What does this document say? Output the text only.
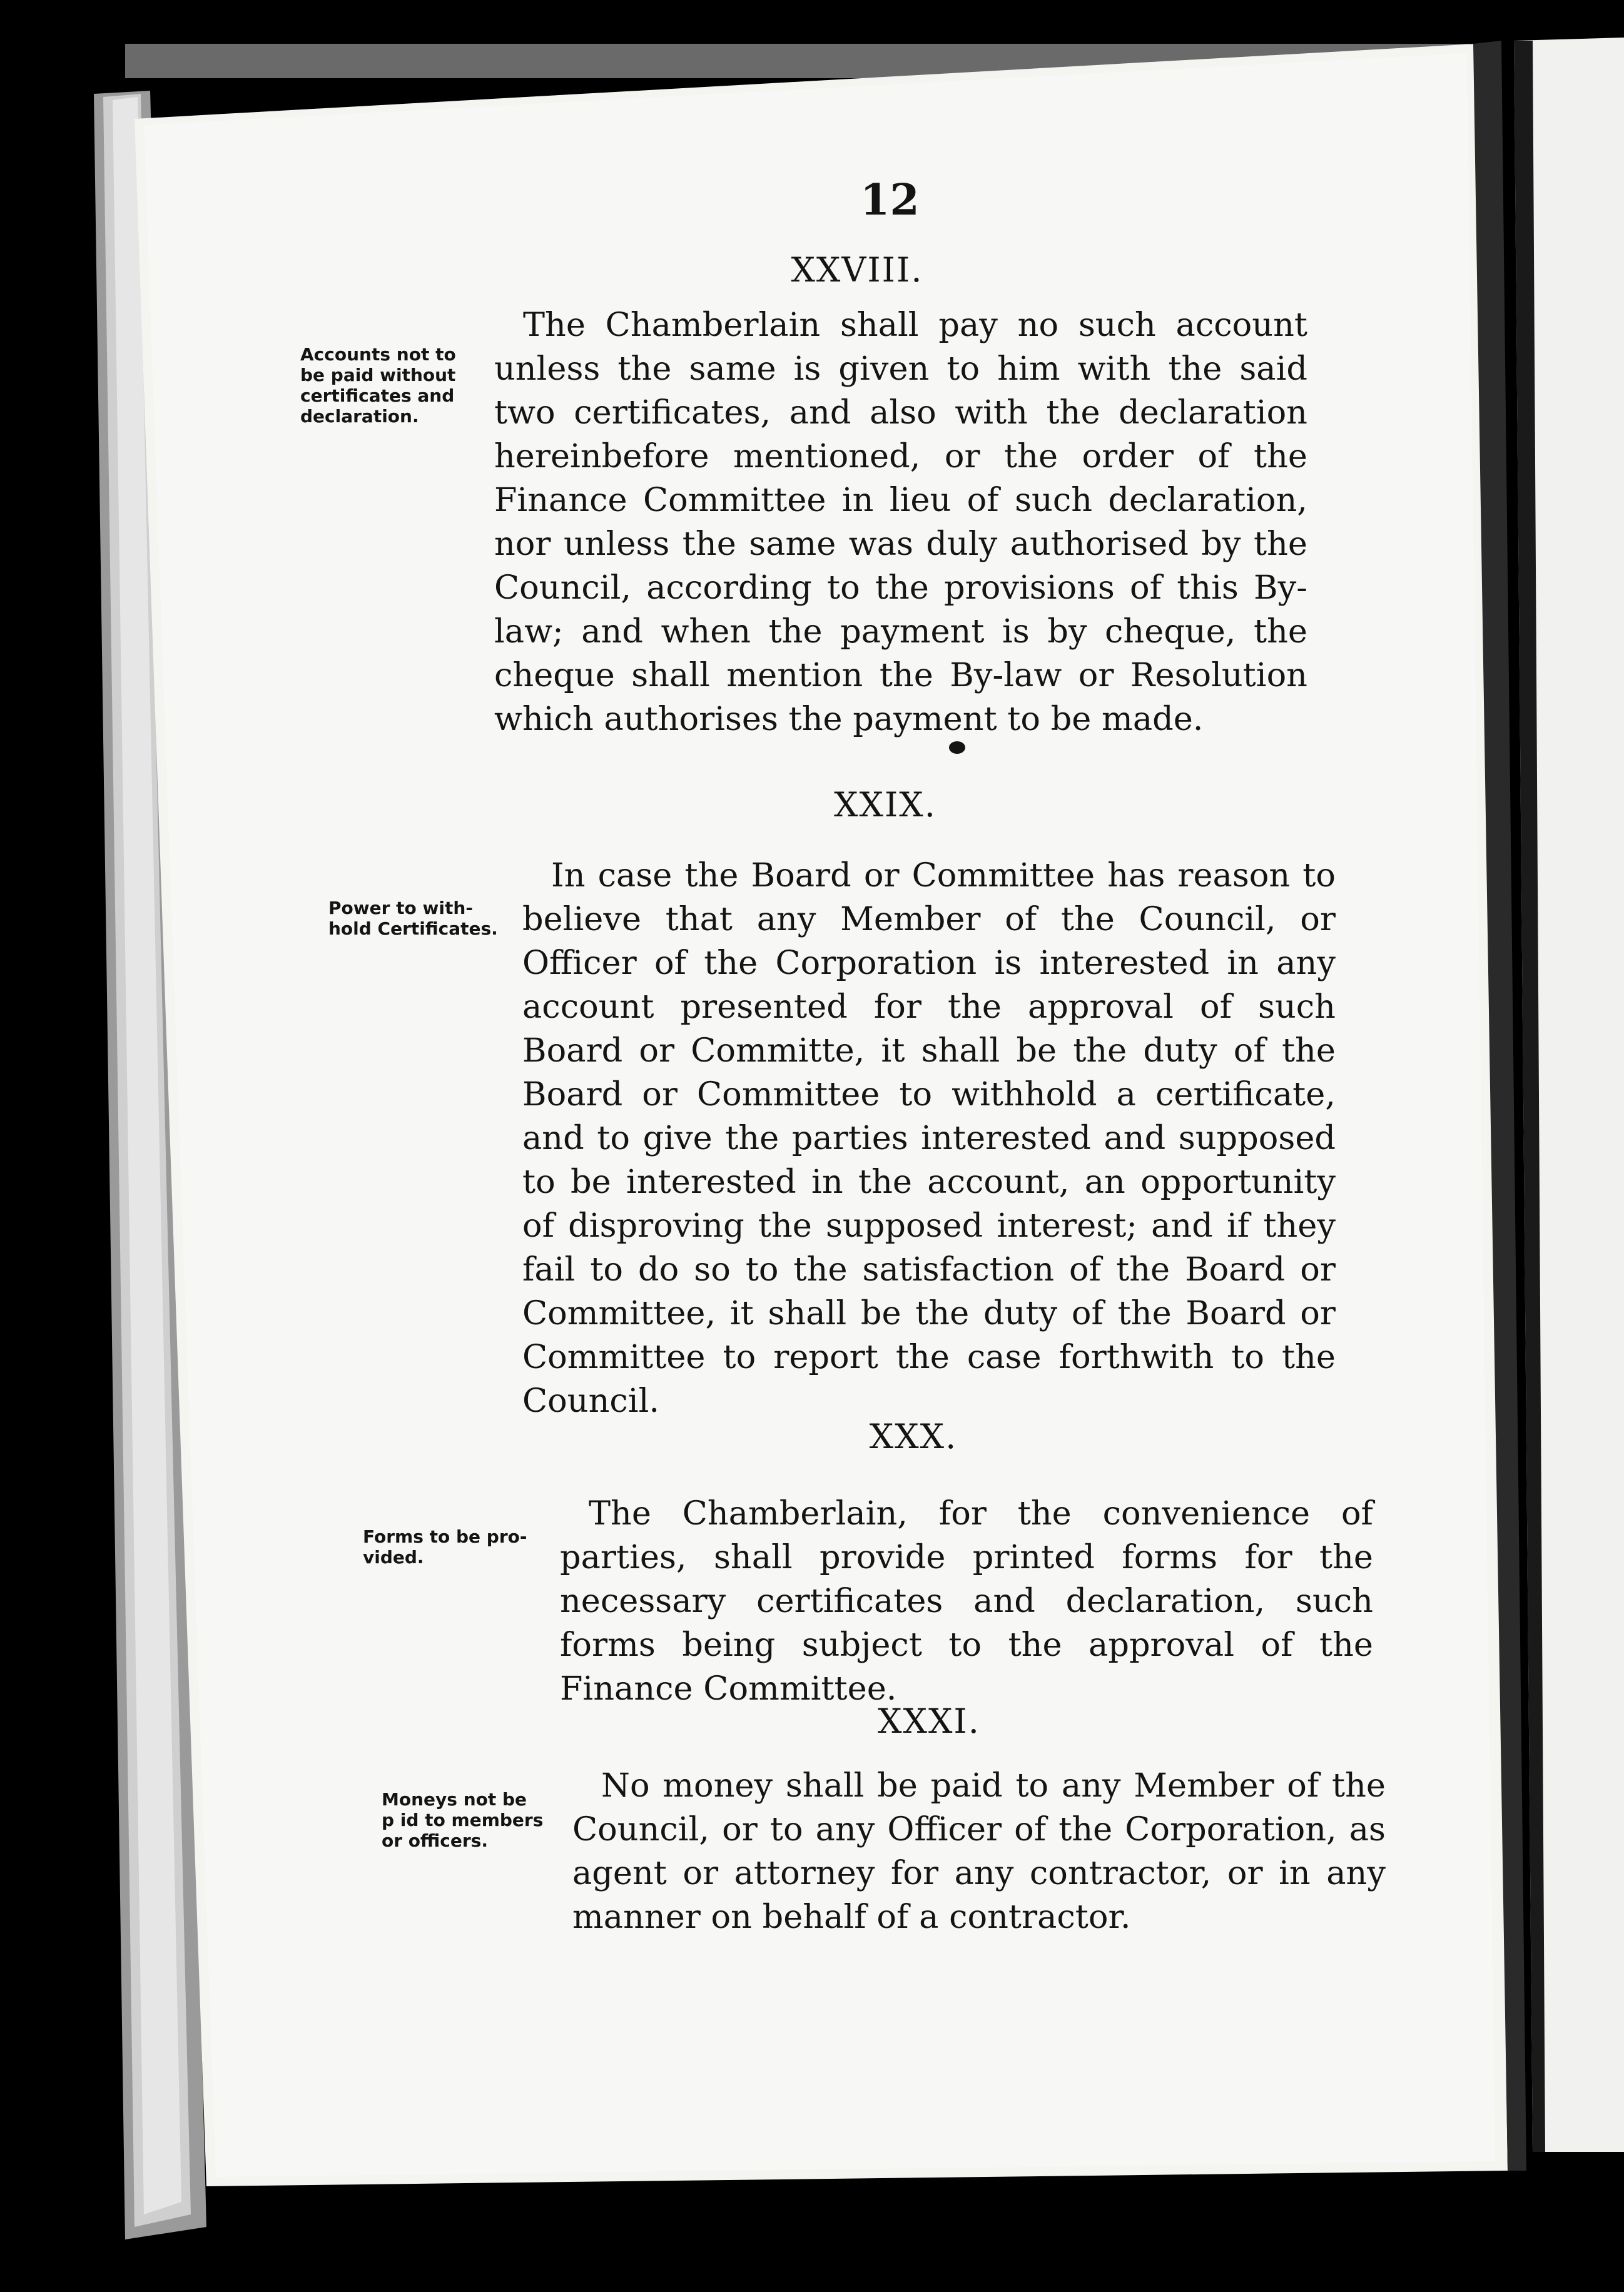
12
XXVIII.
Accounts not to
be paid without
certificates and
declaration.

The Chamberlain shall pay no such account unless the same is given to him with the said two certificates, and also with the declaration hereinbefore mentioned, or the order of the Finance Committee in lieu of such declaration, nor unless the same was duly authorised by the Council, according to the provisions of this By-law; and when the payment is by cheque, the cheque shall mention the By-law or Resolution which authorises the payment to be made.

XXIX.
Power to with-
hold Certificates.

In case the Board or Committee has reason to believe that any Member of the Council, or Officer of the Corporation is interested in any account presented for the approval of such Board or Committe, it shall be the duty of the Board or Committee to withhold a certificate, and to give the parties interested and supposed to be interested in the account, an opportunity of disproving the supposed interest; and if they fail to do so to the satisfaction of the Board or Committee, it shall be the duty of the Board or Committee to report the case forthwith to the Council.

XXX.
Forms to be pro-
vided.

The Chamberlain, for the convenience of parties, shall provide printed forms for the necessary certificates and declaration, such forms being subject to the approval of the Finance Committee.

XXXI.
Moneys not be
p id to members
or officers.

No money shall be paid to any Member of the Council, or to any Officer of the Corporation, as agent or attorney for any contractor, or in any manner on behalf of a contractor.
